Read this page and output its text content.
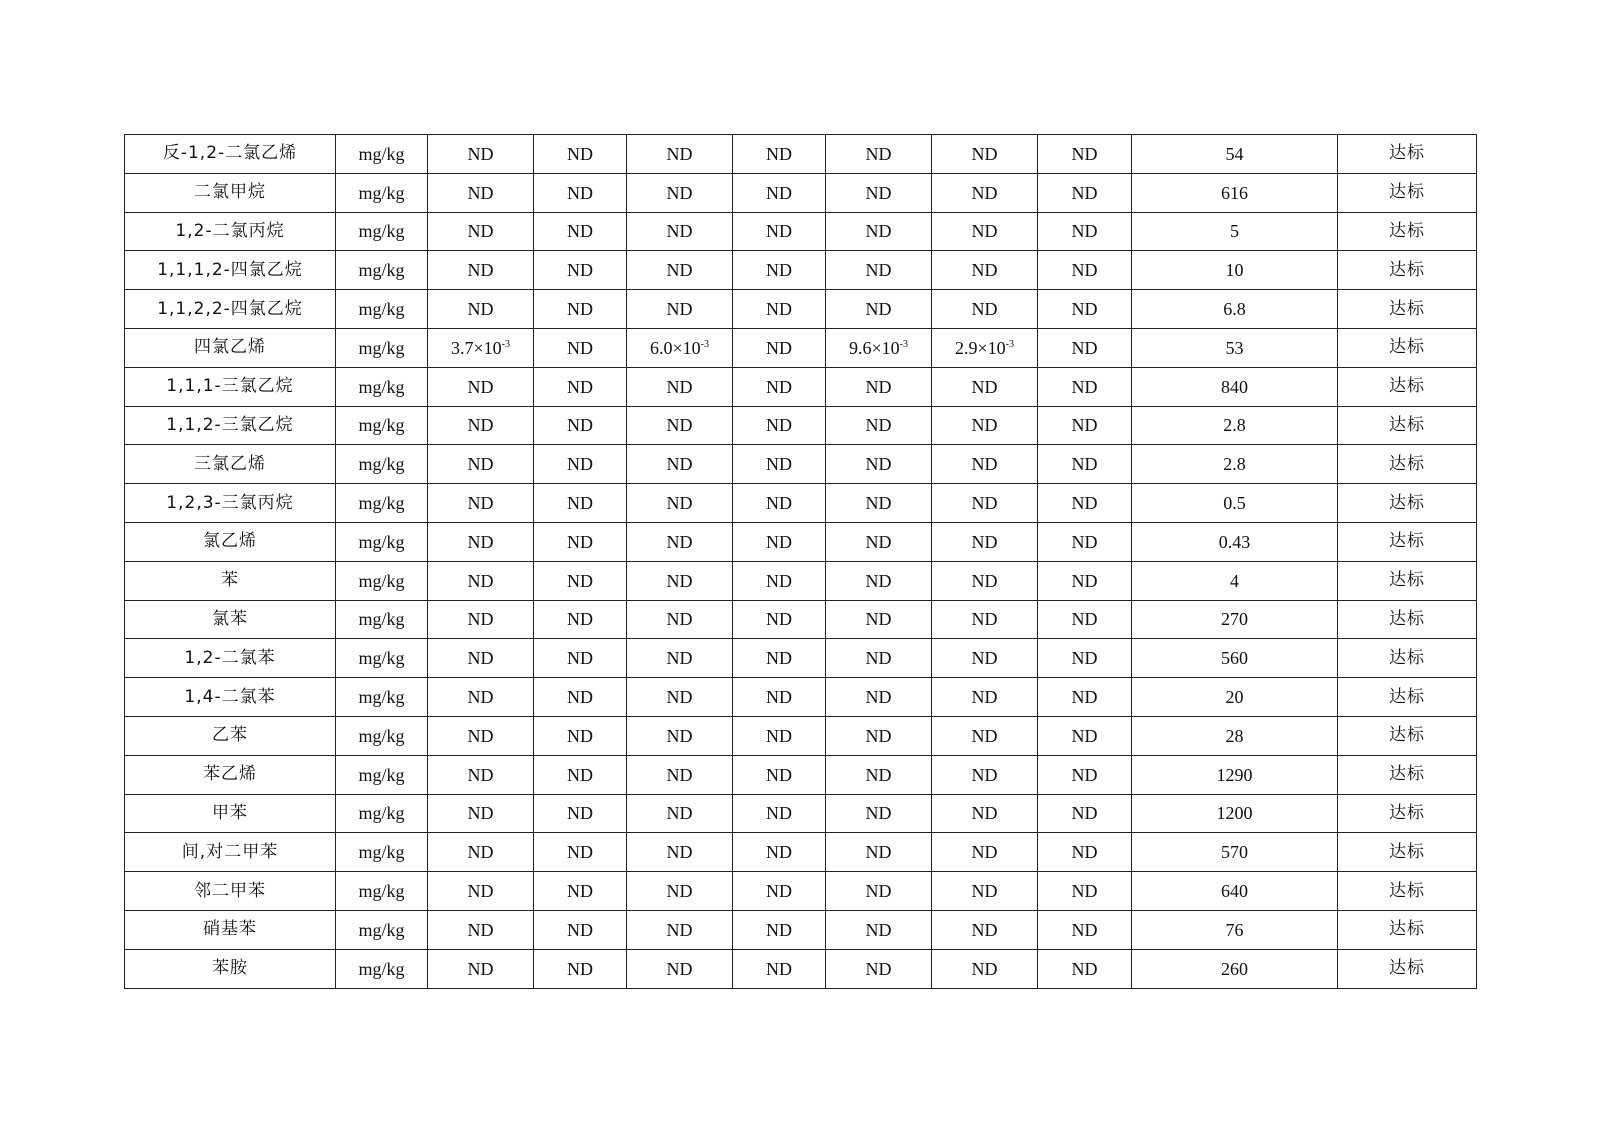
反-1,2-二氯乙烯	mg/kg	ND	ND	ND	ND	ND	ND	ND	54	达标
二氯甲烷	mg/kg	ND	ND	ND	ND	ND	ND	ND	616	达标
1,2-二氯丙烷	mg/kg	ND	ND	ND	ND	ND	ND	ND	5	达标
1,1,1,2-四氯乙烷	mg/kg	ND	ND	ND	ND	ND	ND	ND	10	达标
1,1,2,2-四氯乙烷	mg/kg	ND	ND	ND	ND	ND	ND	ND	6.8	达标
四氯乙烯	mg/kg	$3.7\times 10^{-3}$	ND	$6.0\times 10^{-3}$	ND	$9.6\times 10^{-3}$	$2.9\times 10^{-3}$	ND	53	达标
1,1,1-三氯乙烷	mg/kg	ND	ND	ND	ND	ND	ND	ND	840	达标
1,1,2-三氯乙烷	mg/kg	ND	ND	ND	ND	ND	ND	ND	2.8	达标
三氯乙烯	mg/kg	ND	ND	ND	ND	ND	ND	ND	2.8	达标
1,2,3-三氯丙烷	mg/kg	ND	ND	ND	ND	ND	ND	ND	0.5	达标
氯乙烯	mg/kg	ND	ND	ND	ND	ND	ND	ND	0.43	达标
苯	mg/kg	ND	ND	ND	ND	ND	ND	ND	4	达标
氯苯	mg/kg	ND	ND	ND	ND	ND	ND	ND	270	达标
1,2-二氯苯	mg/kg	ND	ND	ND	ND	ND	ND	ND	560	达标
1,4-二氯苯	mg/kg	ND	ND	ND	ND	ND	ND	ND	20	达标
乙苯	mg/kg	ND	ND	ND	ND	ND	ND	ND	28	达标
苯乙烯	mg/kg	ND	ND	ND	ND	ND	ND	ND	1290	达标
甲苯	mg/kg	ND	ND	ND	ND	ND	ND	ND	1200	达标
间,对二甲苯	mg/kg	ND	ND	ND	ND	ND	ND	ND	570	达标
邻二甲苯	mg/kg	ND	ND	ND	ND	ND	ND	ND	640	达标
硝基苯	mg/kg	ND	ND	ND	ND	ND	ND	ND	76	达标
苯胺	mg/kg	ND	ND	ND	ND	ND	ND	ND	260	达标
